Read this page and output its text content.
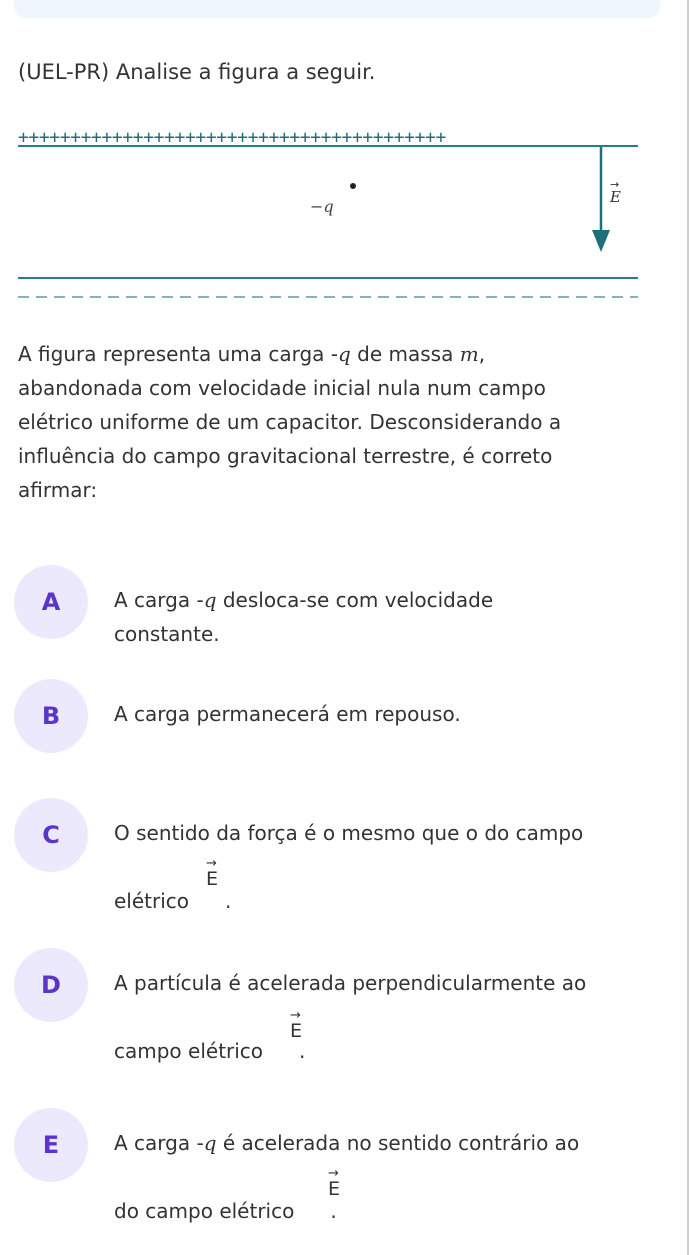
(UEL-PR) Analise a figura a seguir.
+++++++++++++++++++++++++++++++++++++++++
−q	E
→
A figura representa uma carga -q de massa m,
abandonada com velocidade inicial nula num campo
elétrico uniforme de um capacitor. Desconsiderando a
influência do campo gravitacional terrestre, é correto
afirmar:
A	A carga -q desloca-se com velocidade
constante.
B	A carga permanecerá em repouso.
C	O sentido da força é o mesmo que o do campo
elétrico .
→
E
D	A partícula é acelerada perpendicularmente ao
campo elétrico .
→
E
E	A carga -q é acelerada no sentido contrário ao
do campo elétrico .
→
E
